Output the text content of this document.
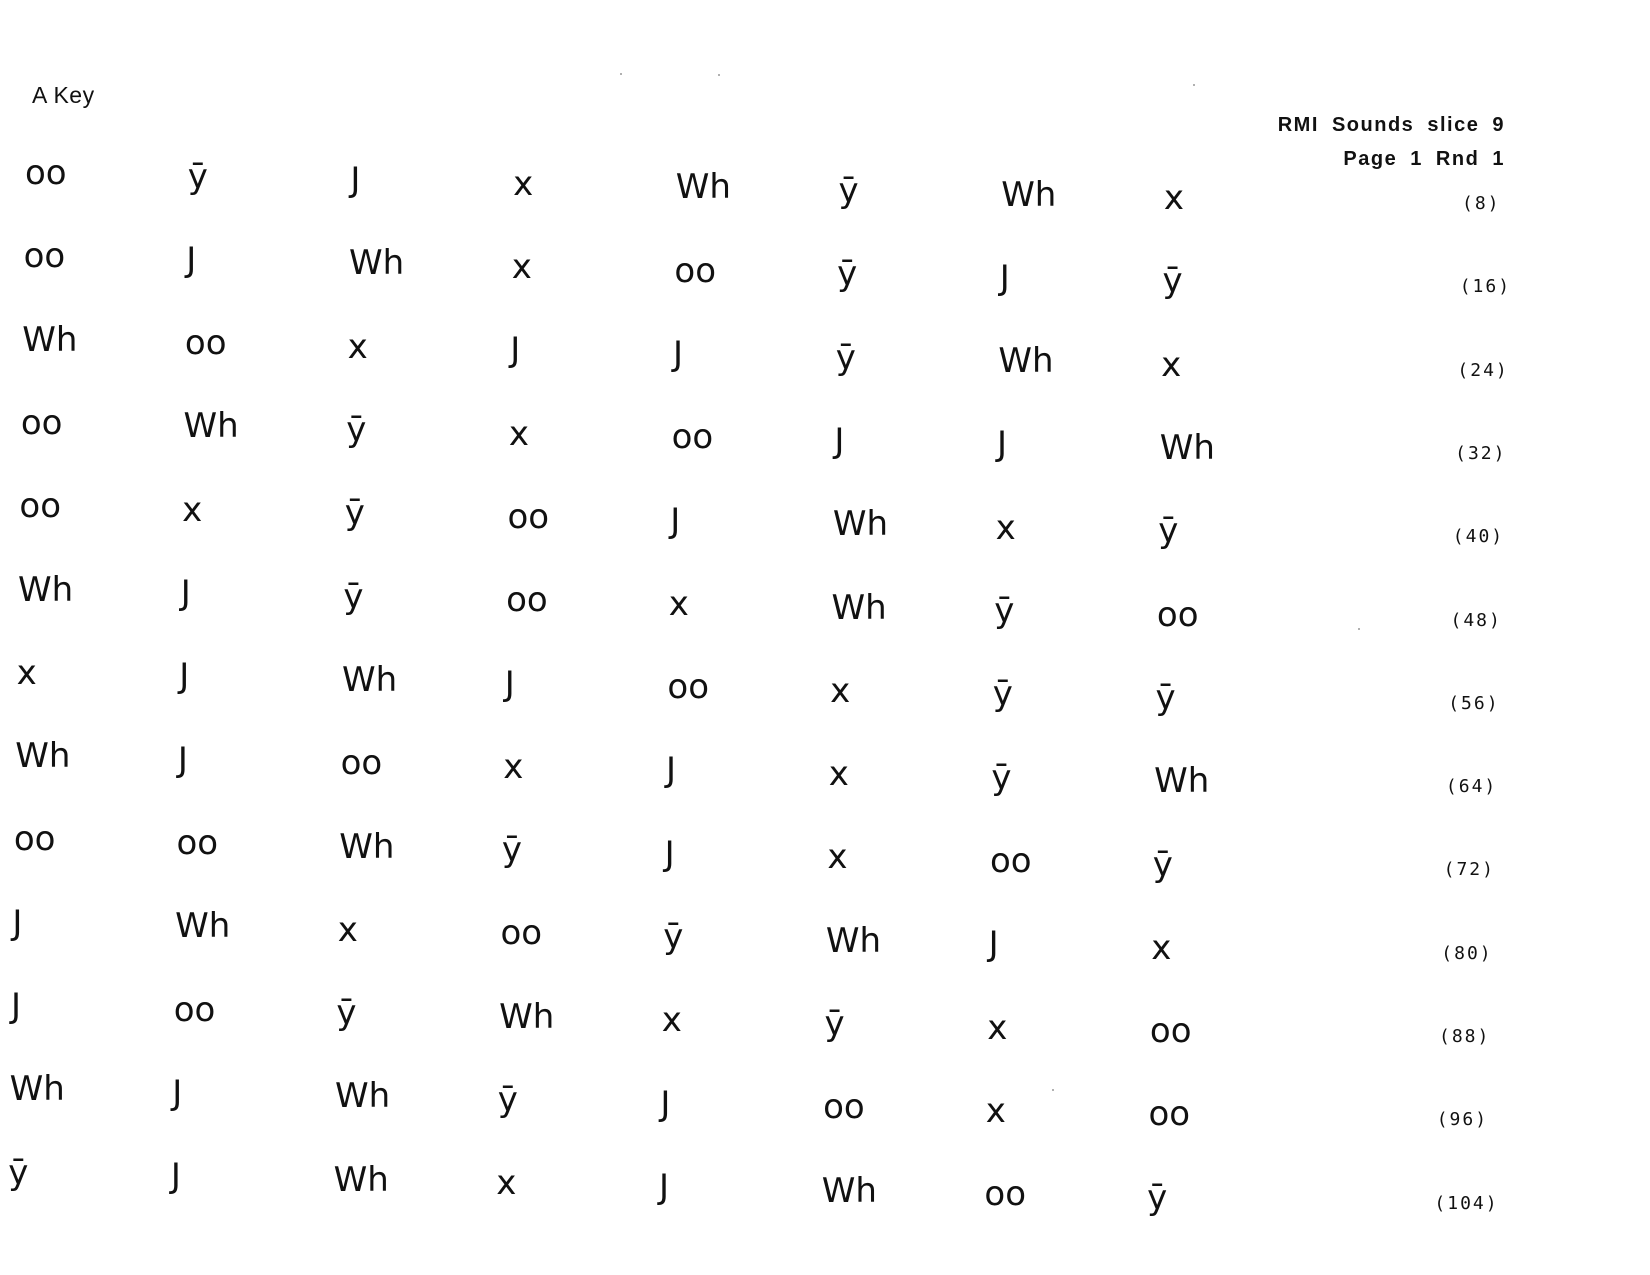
A Key
RMI Sounds slice 9
Page 1 Rnd 1
oo	ȳ	J	x	Wh	ȳ	Wh	x	(8)
oo	J	Wh	x	oo	ȳ	J	ȳ	(16)
Wh	oo	x	J	J	ȳ	Wh	x	(24)
oo	Wh	ȳ	x	oo	J	J	Wh	(32)
oo	x	ȳ	oo	J	Wh	x	ȳ	(40)
Wh	J	ȳ	oo	x	Wh	ȳ	oo	(48)
x	J	Wh	J	oo	x	ȳ	ȳ	(56)
Wh	J	oo	x	J	x	ȳ	Wh	(64)
oo	oo	Wh	ȳ	J	x	oo	ȳ	(72)
J	Wh	x	oo	ȳ	Wh	J	x	(80)
J	oo	ȳ	Wh	x	ȳ	x	oo	(88)
Wh	J	Wh	ȳ	J	oo	x	oo	(96)
ȳ	J	Wh	x	J	Wh	oo	ȳ	(104)
